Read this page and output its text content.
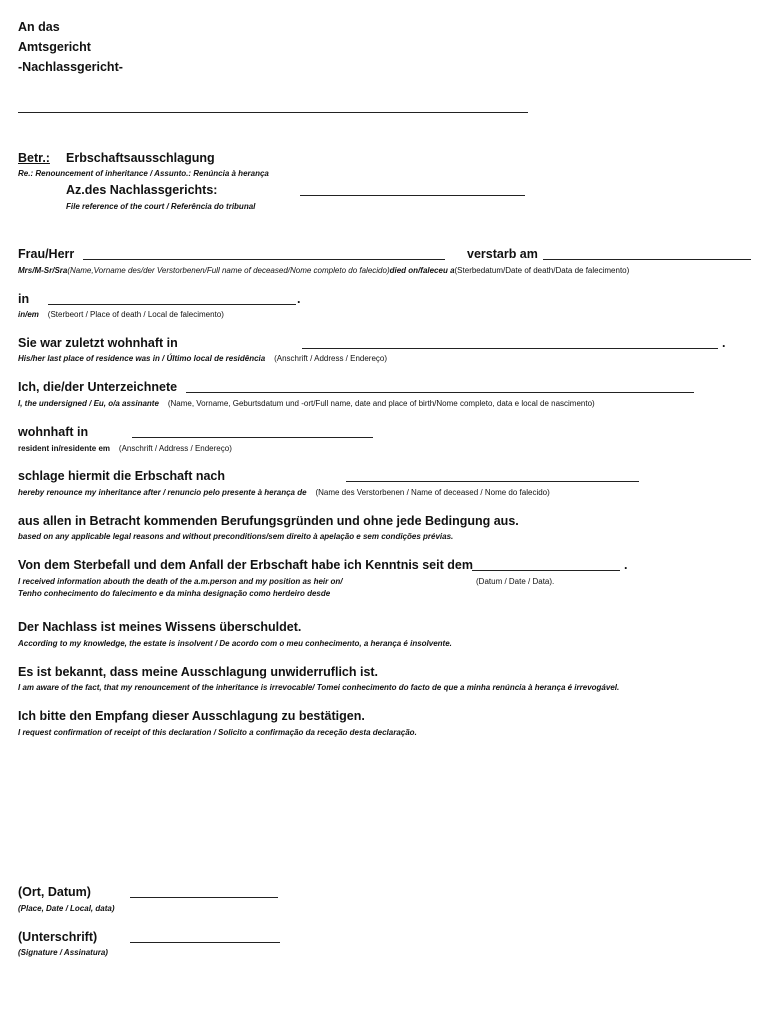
An das
Amtsgericht
-Nachlassgericht-
Betr.: Erbschaftsausschlagung
Re.: Renouncement of inheritance / Assunto.: Renúncia à herança
Az.des Nachlassgerichts:
File reference of the court / Referência do tribunal
Frau/Herr	verstarb am
Mrs/M-Sr/Sra(Name,Vorname des/der Verstorbenen/Full name of deceased/Nome completo do falecido)died on/faleceu a(Sterbedatum/Date of death/Data de falecimento)
in	.
in/em (Sterbeort / Place of death / Local de falecimento)
Sie war zuletzt wohnhaft in	.
His/her last place of residence was in / Último local de residência (Anschrift / Address / Endereço)
Ich, die/der Unterzeichnete
I, the undersigned / Eu, o/a assinante (Name, Vorname, Geburtsdatum und -ort/Full name, date and place of birth/Nome completo, data e local de nascimento)
wohnhaft in
resident in/residente em (Anschrift / Address / Endereço)
schlage hiermit die Erbschaft nach
hereby renounce my inheritance after / renuncio pelo presente à herança de (Name des Verstorbenen / Name of deceased / Nome do falecido)
aus allen in Betracht kommenden Berufungsgründen und ohne jede Bedingung aus.
based on any applicable legal reasons and without preconditions/sem direito à apelação e sem condições prévias.
Von dem Sterbefall und dem Anfall der Erbschaft habe ich Kenntnis seit dem	.
I received information abouth the death of the a.m.person and my position as heir on/	(Datum / Date / Data).
Tenho conhecimento do falecimento e da minha designação como herdeiro desde
Der Nachlass ist meines Wissens überschuldet.
According to my knowledge, the estate is insolvent / De acordo com o meu conhecimento, a herança é insolvente.
Es ist bekannt, dass meine Ausschlagung unwiderruflich ist.
I am aware of the fact, that my renouncement of the inheritance is irrevocable/ Tomei conhecimento do facto de que a minha renúncia à herança é irrevogável.
Ich bitte den Empfang dieser Ausschlagung zu bestätigen.
I request confirmation of receipt of this declaration / Solicito a confirmação da receção desta declaração.
(Ort, Datum)
(Place, Date / Local, data)
(Unterschrift)
(Signature / Assinatura)
